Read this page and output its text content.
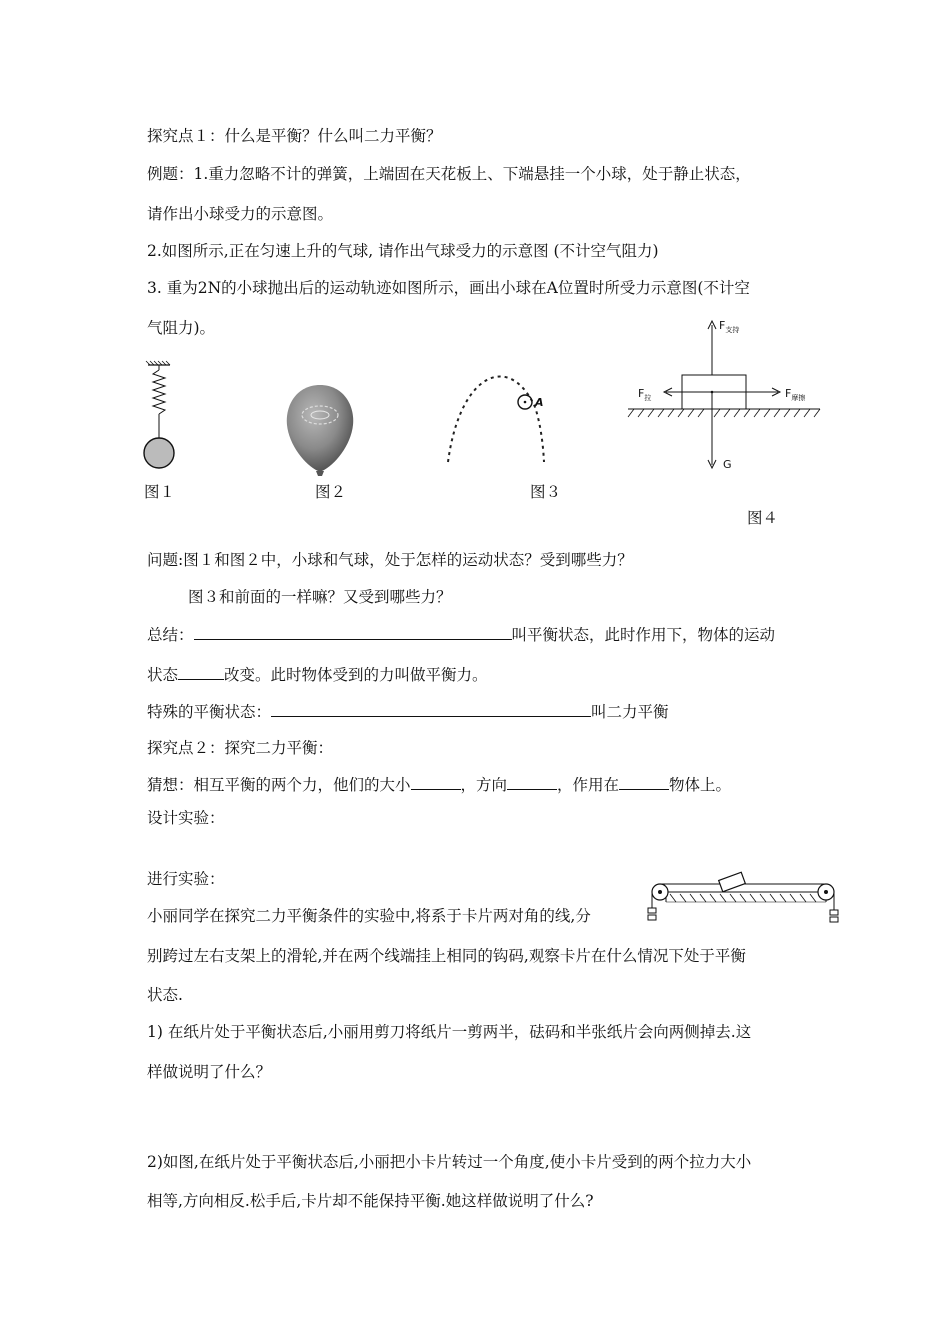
探究点１：什么是平衡？什么叫二力平衡？
例题：1.重力忽略不计的弹簧，上端固在天花板上、下端悬挂一个小球，处于静止状态，
请作出小球受力的示意图。
2.如图所示,正在匀速上升的气球, 请作出气球受力的示意图 (不计空气阻力)
3. 重为2N的小球抛出后的运动轨迹如图所示，画出小球在A位置时所受力示意图(不计空
气阻力)。
图１	图２
A
图３
$F_{支持}$
$F_拉$	$F_{摩擦}$
G
图４
问题:图１和图２中，小球和气球，处于怎样的运动状态？受到哪些力？
图３和前面的一样嘛？又受到哪些力？
总结：	叫平衡状态，此时作用下，物体的运动
状态	改变。此时物体受到的力叫做平衡力。
特殊的平衡状态：	叫二力平衡
探究点２：探究二力平衡：
猜想：相互平衡的两个力，他们的大小	，方向	，作用在	物体上。
设计实验：
进行实验：
小丽同学在探究二力平衡条件的实验中,将系于卡片两对角的线,分
别跨过左右支架上的滑轮,并在两个线端挂上相同的钩码,观察卡片在什么情况下处于平衡
状态.
1) 在纸片处于平衡状态后,小丽用剪刀将纸片一剪两半，砝码和半张纸片会向两侧掉去.这
样做说明了什么？
2)如图,在纸片处于平衡状态后,小丽把小卡片转过一个角度,使小卡片受到的两个拉力大小
相等,方向相反.松手后,卡片却不能保持平衡.她这样做说明了什么?
